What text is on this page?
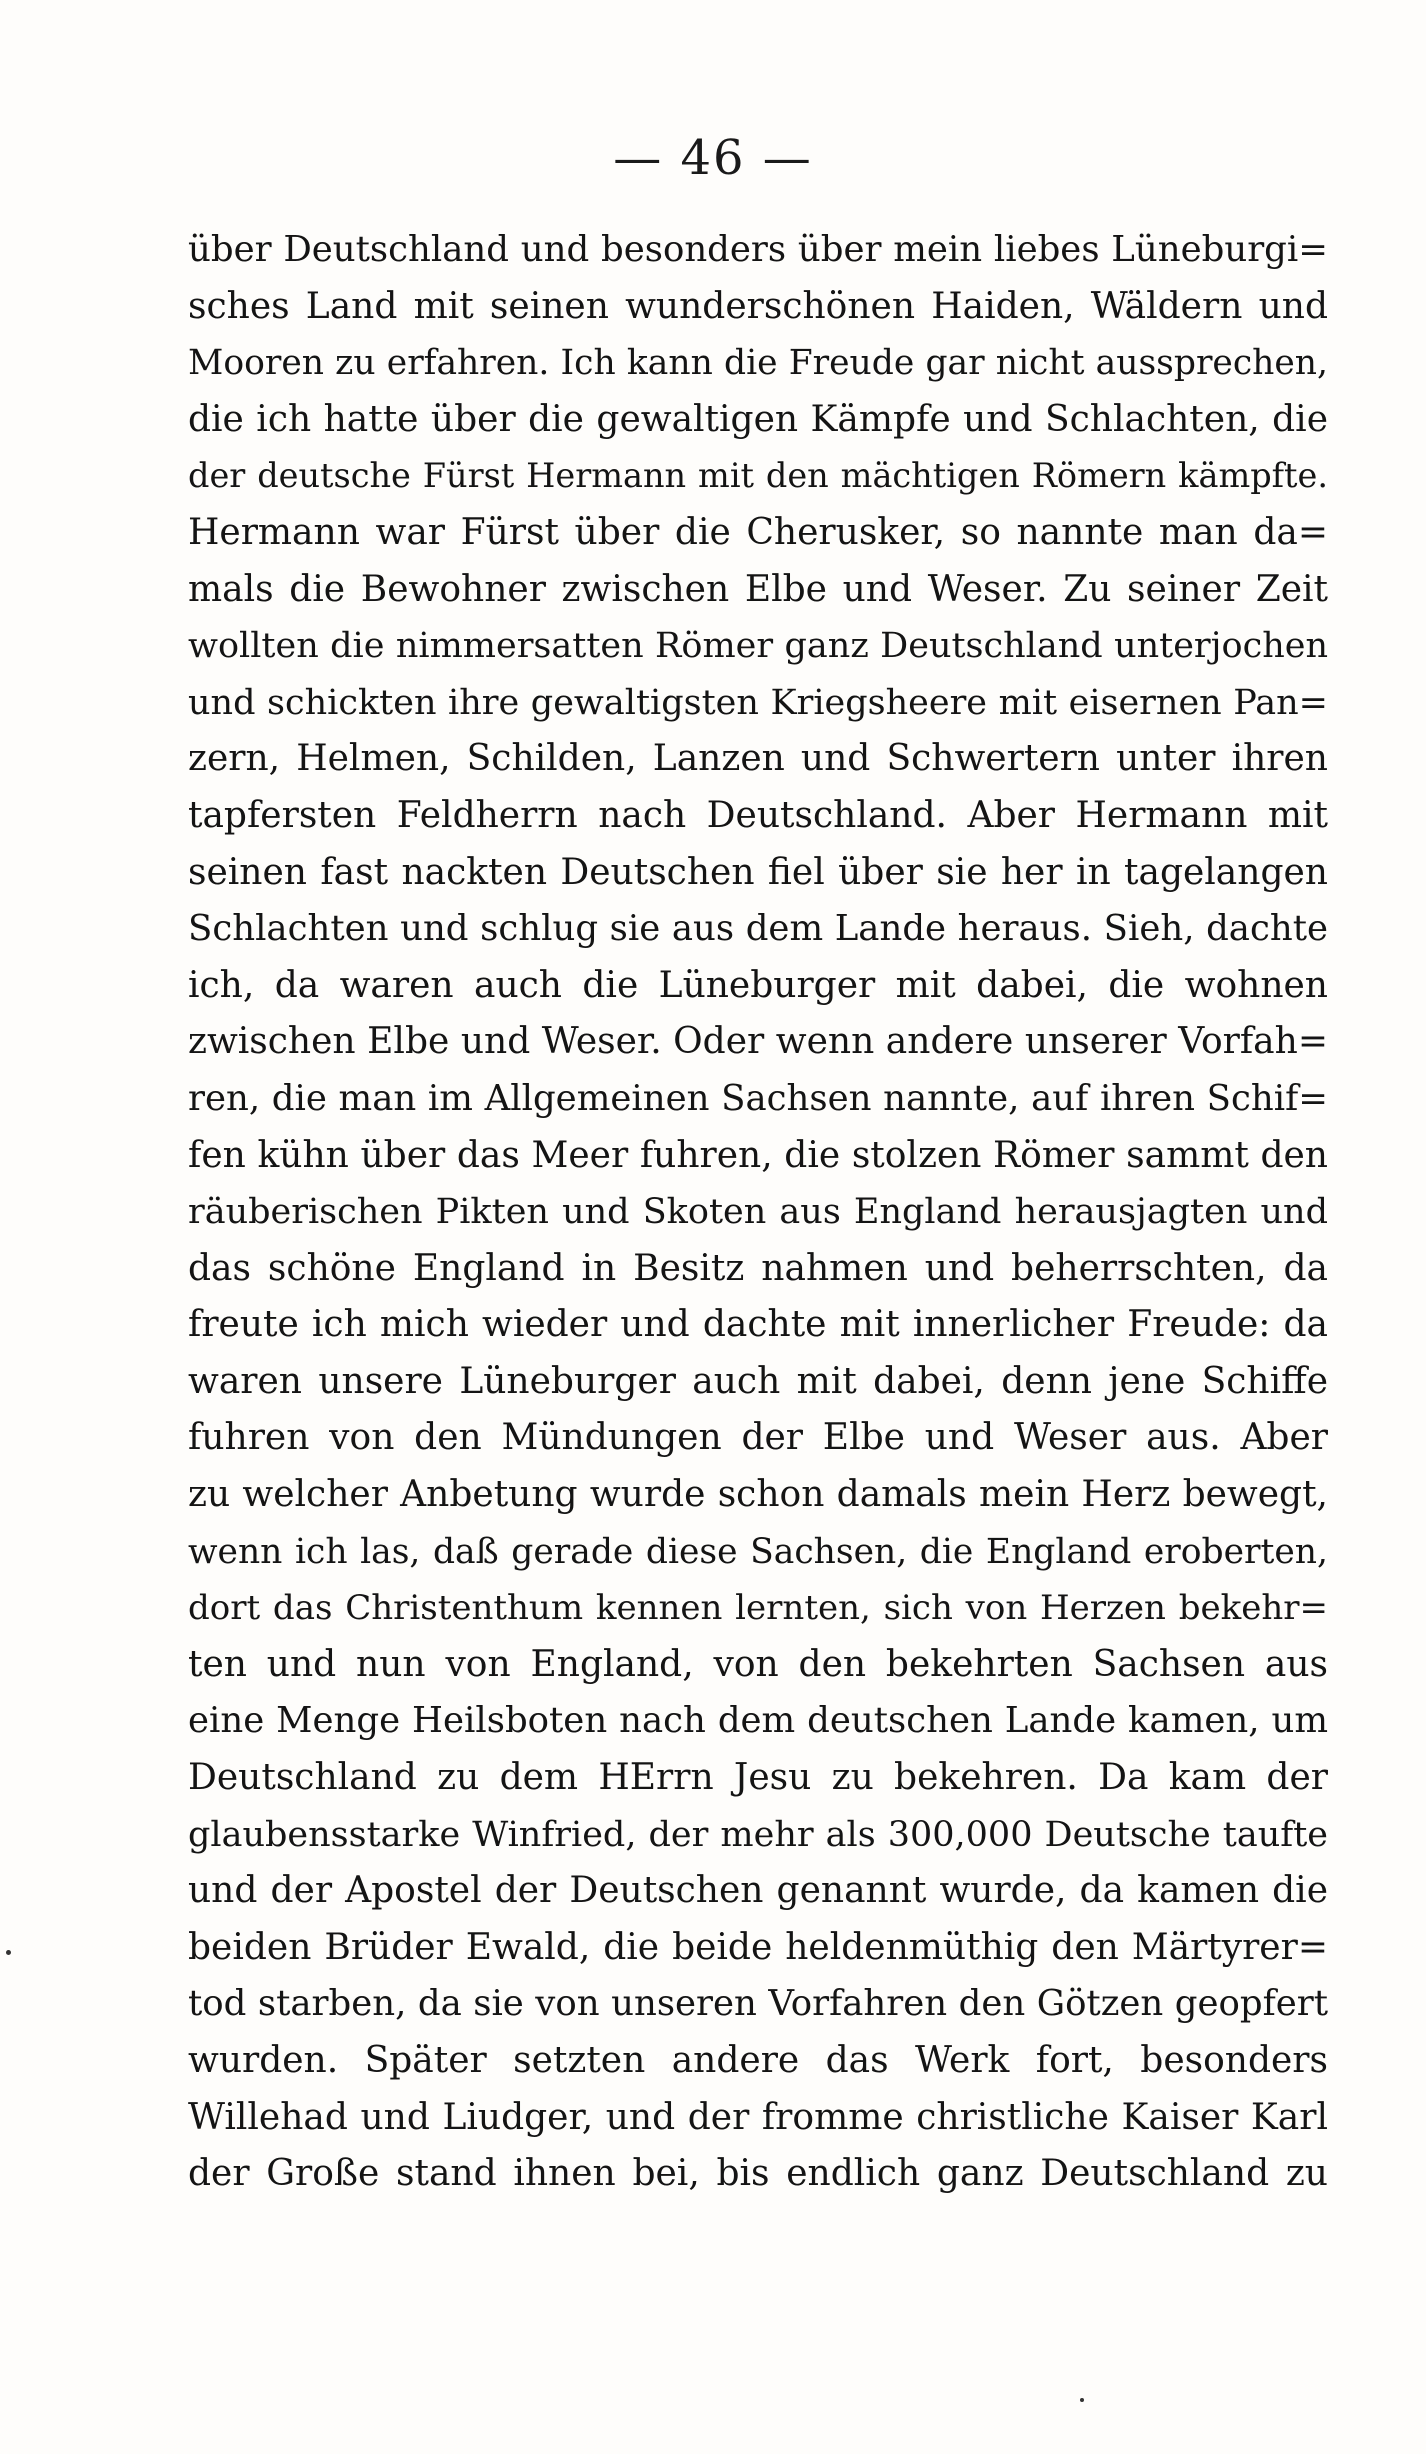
— 46 —
über Deutschland und besonders über mein liebes Lüneburgi=
sches Land mit seinen wunderschönen Haiden, Wäldern und
Mooren zu erfahren. Ich kann die Freude gar nicht aussprechen,
die ich hatte über die gewaltigen Kämpfe und Schlachten, die
der deutsche Fürst Hermann mit den mächtigen Römern kämpfte.
Hermann war Fürst über die Cherusker, so nannte man da=
mals die Bewohner zwischen Elbe und Weser. Zu seiner Zeit
wollten die nimmersatten Römer ganz Deutschland unterjochen
und schickten ihre gewaltigsten Kriegsheere mit eisernen Pan=
zern, Helmen, Schilden, Lanzen und Schwertern unter ihren
tapfersten Feldherrn nach Deutschland. Aber Hermann mit
seinen fast nackten Deutschen fiel über sie her in tagelangen
Schlachten und schlug sie aus dem Lande heraus. Sieh, dachte
ich, da waren auch die Lüneburger mit dabei, die wohnen
zwischen Elbe und Weser. Oder wenn andere unserer Vorfah=
ren, die man im Allgemeinen Sachsen nannte, auf ihren Schif=
fen kühn über das Meer fuhren, die stolzen Römer sammt den
räuberischen Pikten und Skoten aus England herausjagten und
das schöne England in Besitz nahmen und beherrschten, da
freute ich mich wieder und dachte mit innerlicher Freude: da
waren unsere Lüneburger auch mit dabei, denn jene Schiffe
fuhren von den Mündungen der Elbe und Weser aus. Aber
zu welcher Anbetung wurde schon damals mein Herz bewegt,
wenn ich las, daß gerade diese Sachsen, die England eroberten,
dort das Christenthum kennen lernten, sich von Herzen bekehr=
ten und nun von England, von den bekehrten Sachsen aus
eine Menge Heilsboten nach dem deutschen Lande kamen, um
Deutschland zu dem HErrn Jesu zu bekehren. Da kam der
glaubensstarke Winfried, der mehr als 300,000 Deutsche taufte
und der Apostel der Deutschen genannt wurde, da kamen die
beiden Brüder Ewald, die beide heldenmüthig den Märtyrer=
tod starben, da sie von unseren Vorfahren den Götzen geopfert
wurden. Später setzten andere das Werk fort, besonders
Willehad und Liudger, und der fromme christliche Kaiser Karl
der Große stand ihnen bei, bis endlich ganz Deutschland zu
